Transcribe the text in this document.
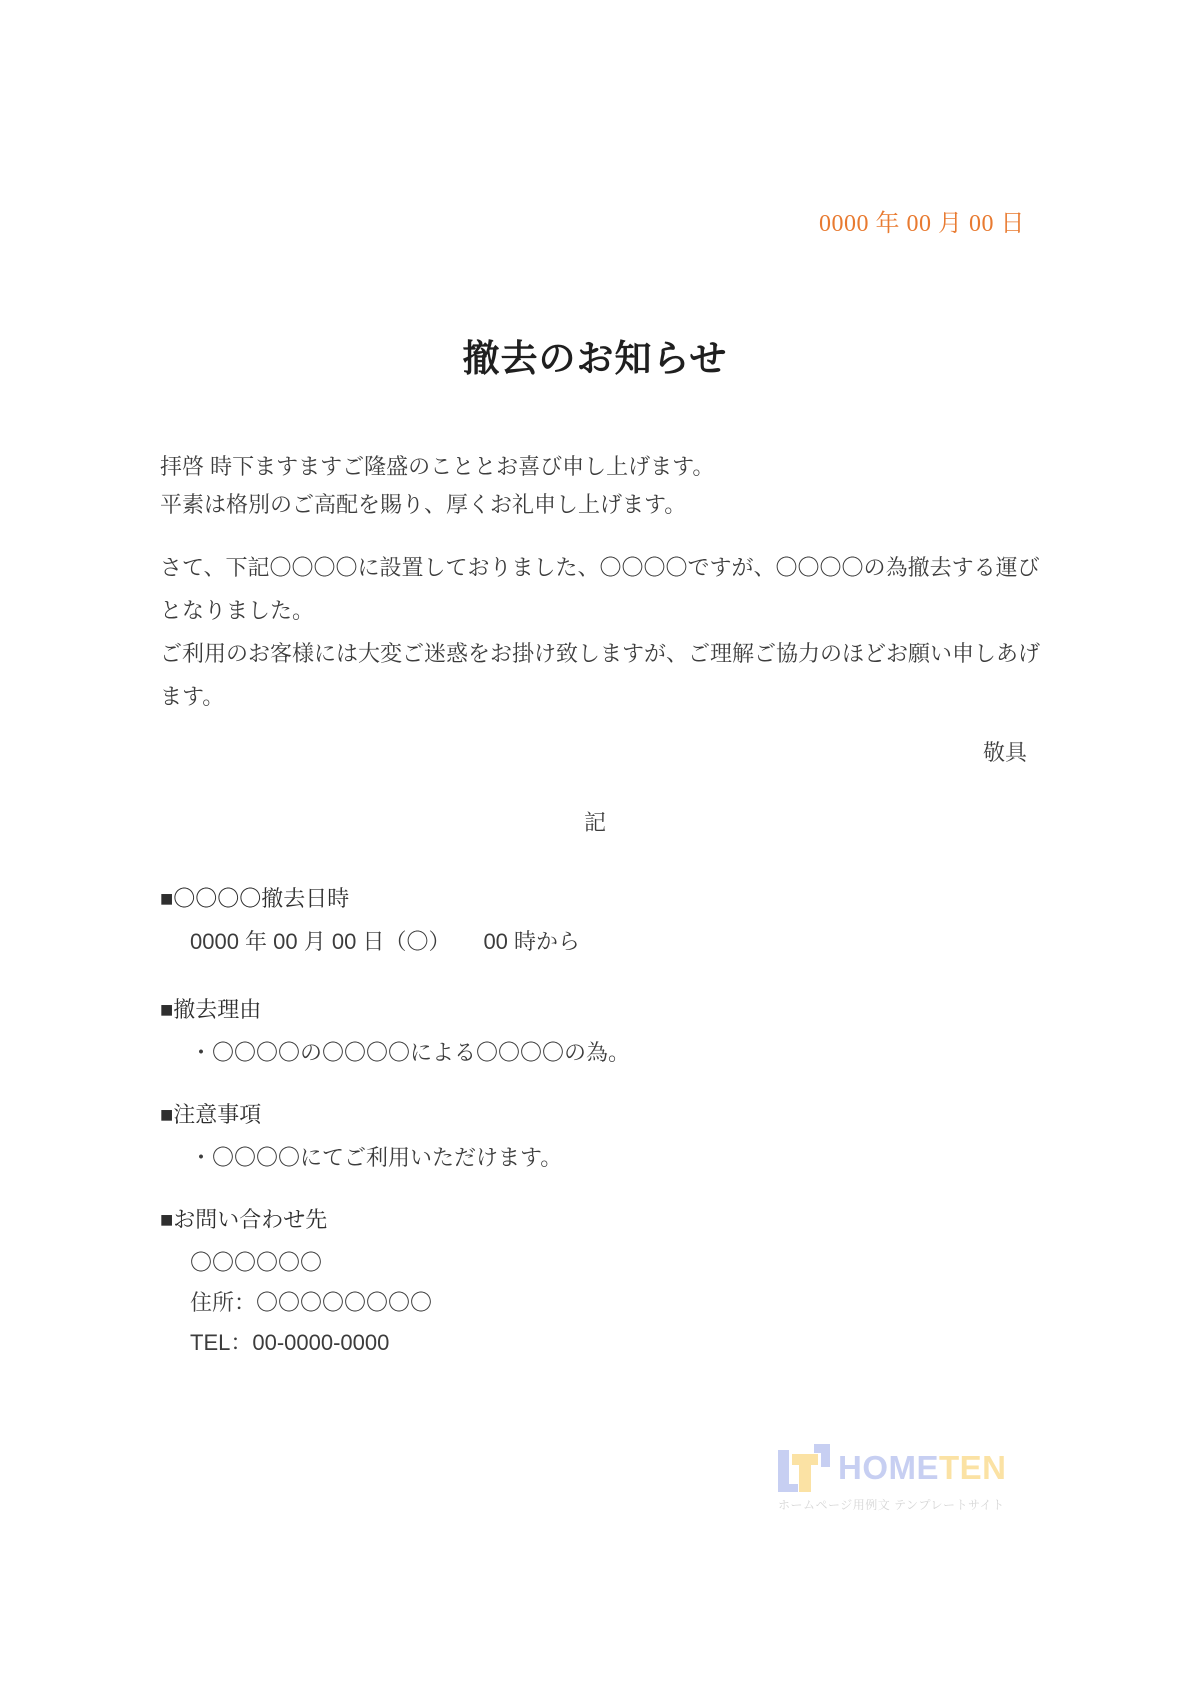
0000 年 00 月 00 日
撤去のお知らせ

拝啓 時下ますますご隆盛のこととお喜び申し上げます。

平素は格別のご高配を賜り、厚くお礼申し上げます。

さて、下記〇〇〇〇に設置しておりました、〇〇〇〇ですが、〇〇〇〇の為撤去する運びとなりました。

ご利用のお客様には大変ご迷惑をお掛け致しますが、ご理解ご協力のほどお願い申しあげます。

敬具
記
■〇〇〇〇撤去日時
0000 年 00 月 00 日（〇）　　00 時から
■撤去理由
・〇〇〇〇の〇〇〇〇による〇〇〇〇の為。
■注意事項
・〇〇〇〇にてご利用いただけます。
■お問い合わせ先
〇〇〇〇〇〇
住所：〇〇〇〇〇〇〇〇
TEL：00-0000-0000
HOMETEN
ホームページ用例文 テンプレートサイト
